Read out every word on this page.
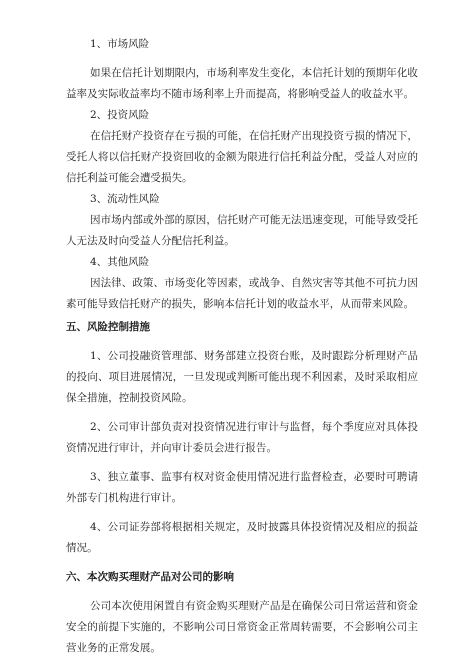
1、市场风险

如果在信托计划期限内，市场利率发生变化，本信托计划的预期年化收益率及实际收益率均不随市场利率上升而提高，将影响受益人的收益水平。

2、投资风险

在信托财产投资存在亏损的可能，在信托财产出现投资亏损的情况下，受托人将以信托财产投资回收的金额为限进行信托利益分配，受益人对应的信托利益可能会遭受损失。

3、流动性风险

因市场内部或外部的原因，信托财产可能无法迅速变现，可能导致受托人无法及时向受益人分配信托利益。

4、其他风险

因法律、政策、市场变化等因素，或战争、自然灾害等其他不可抗力因素可能导致信托财产的损失，影响本信托计划的收益水平，从而带来风险。

五、风险控制措施

1、公司投融资管理部、财务部建立投资台账，及时跟踪分析理财产品的投向、项目进展情况，一旦发现或判断可能出现不利因素，及时采取相应保全措施，控制投资风险。

2、公司审计部负责对投资情况进行审计与监督，每个季度应对具体投资情况进行审计，并向审计委员会进行报告。

3、独立董事、监事有权对资金使用情况进行监督检查，必要时可聘请外部专门机构进行审计。

4、公司证券部将根据相关规定，及时披露具体投资情况及相应的损益情况。

六、本次购买理财产品对公司的影响

公司本次使用闲置自有资金购买理财产品是在确保公司日常运营和资金安全的前提下实施的，不影响公司日常资金正常周转需要，不会影响公司主营业务的正常发展。
